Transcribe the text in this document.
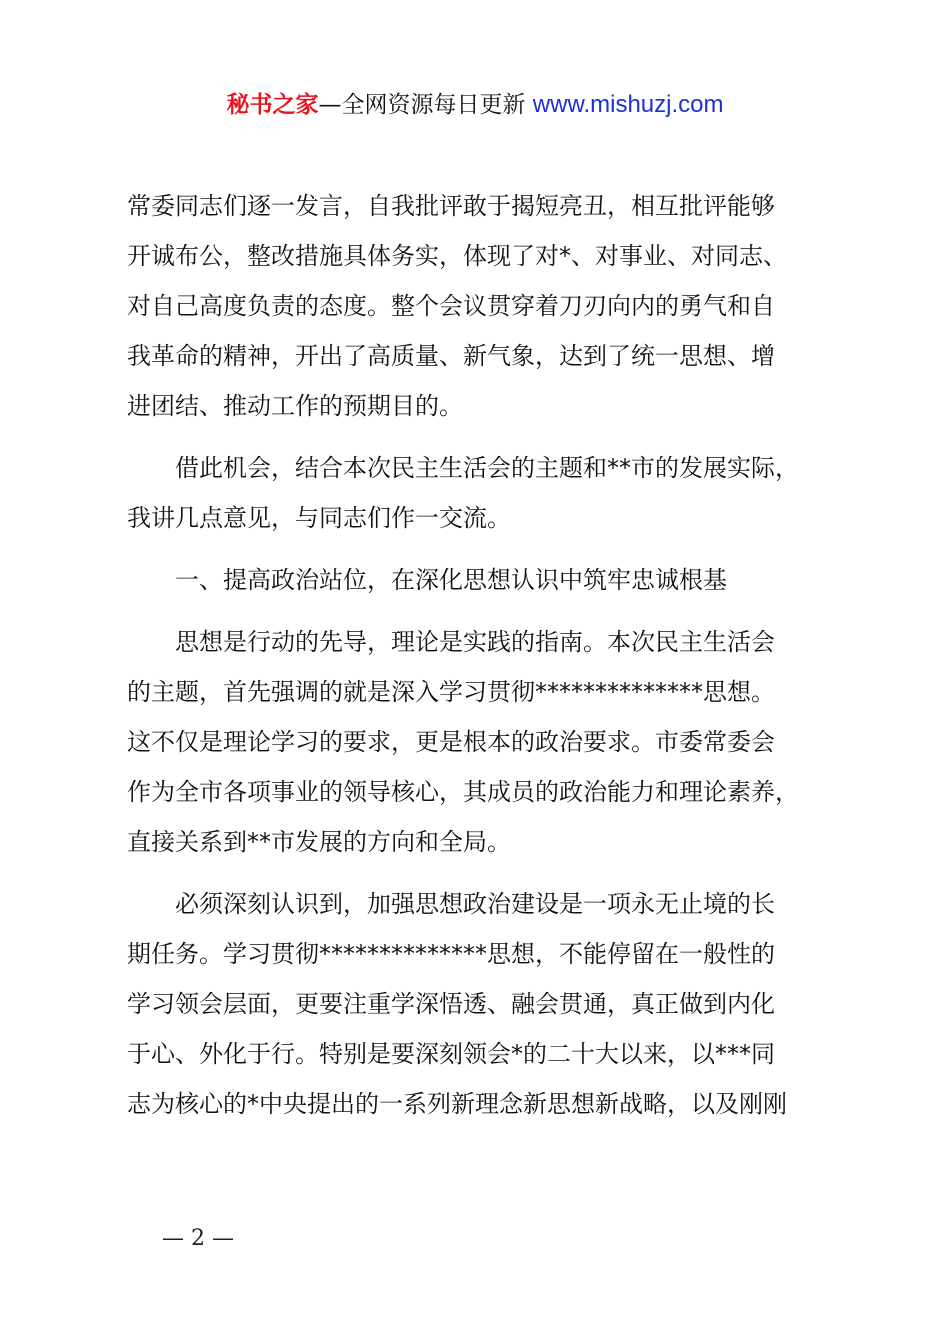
秘书之家—全网资源每日更新 www.mishuzj.com

常委同志们逐一发言，自我批评敢于揭短亮丑，相互批评能够
开诚布公，整改措施具体务实，体现了对*、对事业、对同志、
对自己高度负责的态度。整个会议贯穿着刀刃向内的勇气和自
我革命的精神，开出了高质量、新气象，达到了统一思想、增
进团结、推动工作的预期目的。

借此机会，结合本次民主生活会的主题和**市的发展实际，
我讲几点意见，与同志们作一交流。

一、提高政治站位，在深化思想认识中筑牢忠诚根基

思想是行动的先导，理论是实践的指南。本次民主生活会
的主题，首先强调的就是深入学习贯彻**************思想。
这不仅是理论学习的要求，更是根本的政治要求。市委常委会
作为全市各项事业的领导核心，其成员的政治能力和理论素养，
直接关系到**市发展的方向和全局。

必须深刻认识到，加强思想政治建设是一项永无止境的长
期任务。学习贯彻**************思想，不能停留在一般性的
学习领会层面，更要注重学深悟透、融会贯通，真正做到内化
于心、外化于行。特别是要深刻领会*的二十大以来，以***同
志为核心的*中央提出的一系列新理念新思想新战略，以及刚刚

— 2 —
